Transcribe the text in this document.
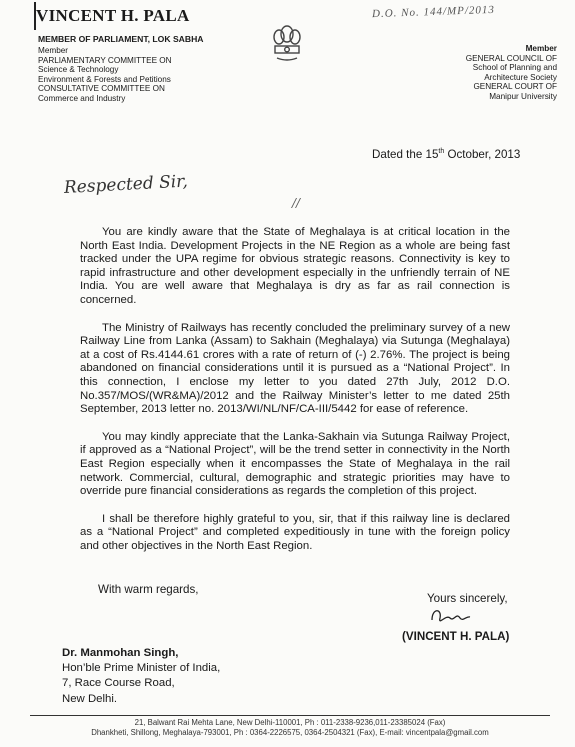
VINCENT H. PALA
MEMBER OF PARLIAMENT, LOK SABHA
Member
PARLIAMENTARY COMMITTEE ON
Science & Technology
Environment & Forests and Petitions
CONSULTATIVE COMMITTEE ON
Commerce and Industry
D.O. No. 144/MP/2013
Member
GENERAL COUNCIL OF
School of Planning and
Architecture Society
GENERAL COURT OF
Manipur University
Dated the 15th October, 2013
Respected Sir,
//
You are kindly aware that the State of Meghalaya is at critical location in the North East India. Development Projects in the NE Region as a whole are being fast tracked under the UPA regime for obvious strategic reasons. Connectivity is key to rapid infrastructure and other development especially in the unfriendly terrain of NE India. You are well aware that Meghalaya is dry as far as rail connection is concerned.
The Ministry of Railways has recently concluded the preliminary survey of a new Railway Line from Lanka (Assam) to Sakhain (Meghalaya) via Sutunga (Meghalaya) at a cost of Rs.4144.61 crores with a rate of return of (-) 2.76%. The project is being abandoned on financial considerations until it is pursued as a “National Project”. In this connection, I enclose my letter to you dated 27th July, 2012 D.O. No.357/MOS/(WR&MA)/2012 and the Railway Minister’s letter to me dated 25th September, 2013 letter no. 2013/WI/NL/NF/CA-III/5442 for ease of reference.
You may kindly appreciate that the Lanka-Sakhain via Sutunga Railway Project, if approved as a “National Project”, will be the trend setter in connectivity in the North East Region especially when it encompasses the State of Meghalaya in the rail network. Commercial, cultural, demographic and strategic priorities may have to override pure financial considerations as regards the completion of this project.
I shall be therefore highly grateful to you, sir, that if this railway line is declared as a “National Project” and completed expeditiously in tune with the foreign policy and other objectives in the North East Region.
With warm regards,
Yours sincerely,
(VINCENT H. PALA)
Dr. Manmohan Singh,
Hon’ble Prime Minister of India,
7, Race Course Road,
New Delhi.
21, Balwant Rai Mehta Lane, New Delhi-110001, Ph : 011-2338-9236,011-23385024 (Fax)
Dhankheti, Shillong, Meghalaya-793001, Ph : 0364-2226575, 0364-2504321 (Fax), E-mail: vincentpala@gmail.com
